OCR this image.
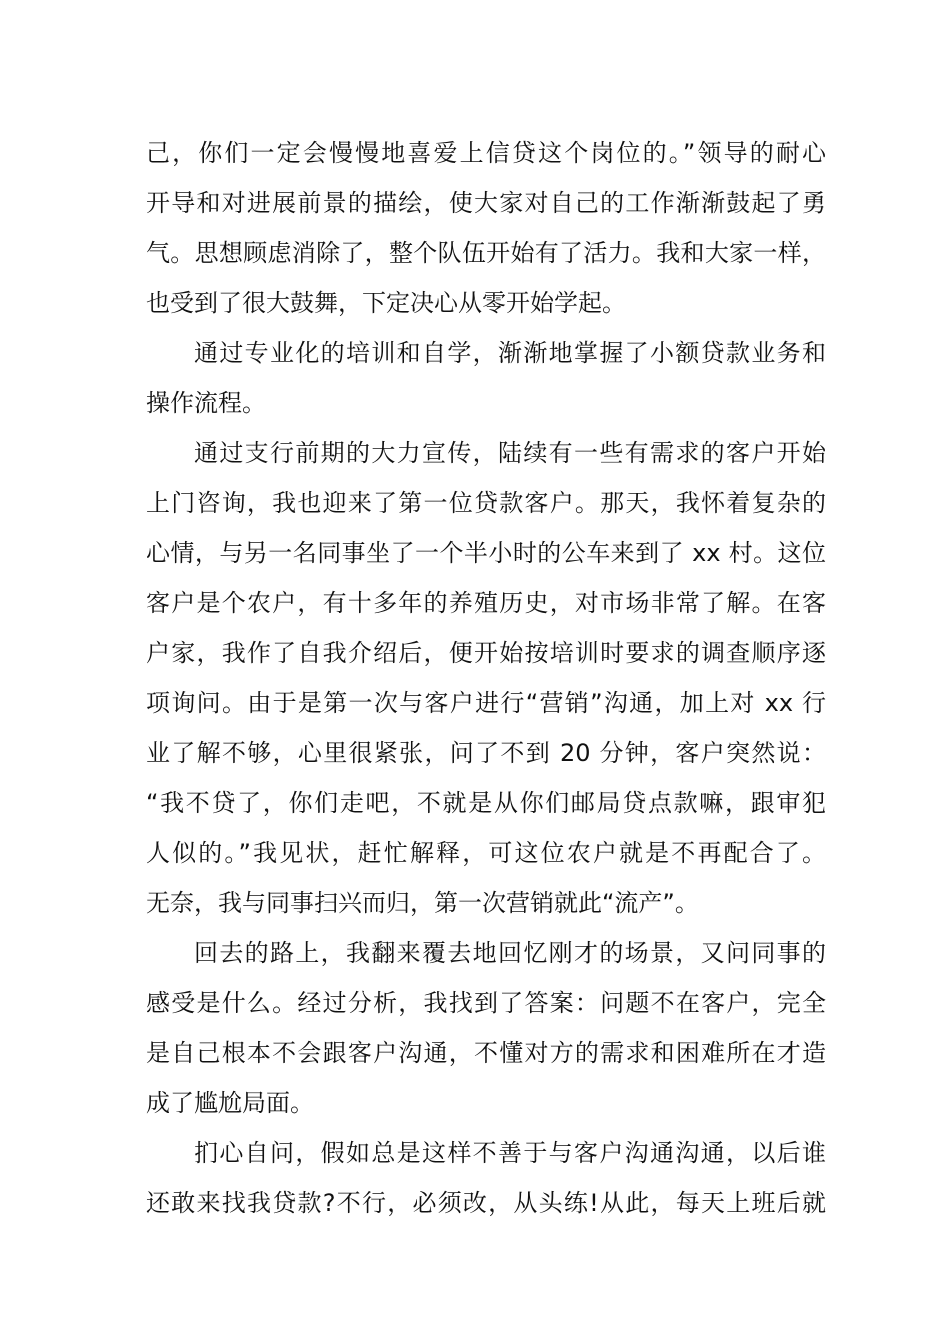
己，你们一定会慢慢地喜爱上信贷这个岗位的。”领导的耐心
开导和对进展前景的描绘，使大家对自己的工作渐渐鼓起了勇
气。思想顾虑消除了，整个队伍开始有了活力。我和大家一样，
也受到了很大鼓舞，下定决心从零开始学起。
通过专业化的培训和自学，渐渐地掌握了小额贷款业务和
操作流程。
通过支行前期的大力宣传，陆续有一些有需求的客户开始
上门咨询，我也迎来了第一位贷款客户。那天，我怀着复杂的
心情，与另一名同事坐了一个半小时的公车来到了 xx 村。这位
客户是个农户，有十多年的养殖历史，对市场非常了解。在客
户家，我作了自我介绍后，便开始按培训时要求的调查顺序逐
项询问。由于是第一次与客户进行“营销”沟通，加上对 xx 行
业了解不够，心里很紧张，问了不到 20 分钟，客户突然说：
“我不贷了，你们走吧，不就是从你们邮局贷点款嘛，跟审犯
人似的。”我见状，赶忙解释，可这位农户就是不再配合了。
无奈，我与同事扫兴而归，第一次营销就此“流产”。
回去的路上，我翻来覆去地回忆刚才的场景，又问同事的
感受是什么。经过分析，我找到了答案：问题不在客户，完全
是自己根本不会跟客户沟通，不懂对方的需求和困难所在才造
成了尴尬局面。
扪心自问，假如总是这样不善于与客户沟通沟通，以后谁
还敢来找我贷款?不行，必须改，从头练!从此，每天上班后就
